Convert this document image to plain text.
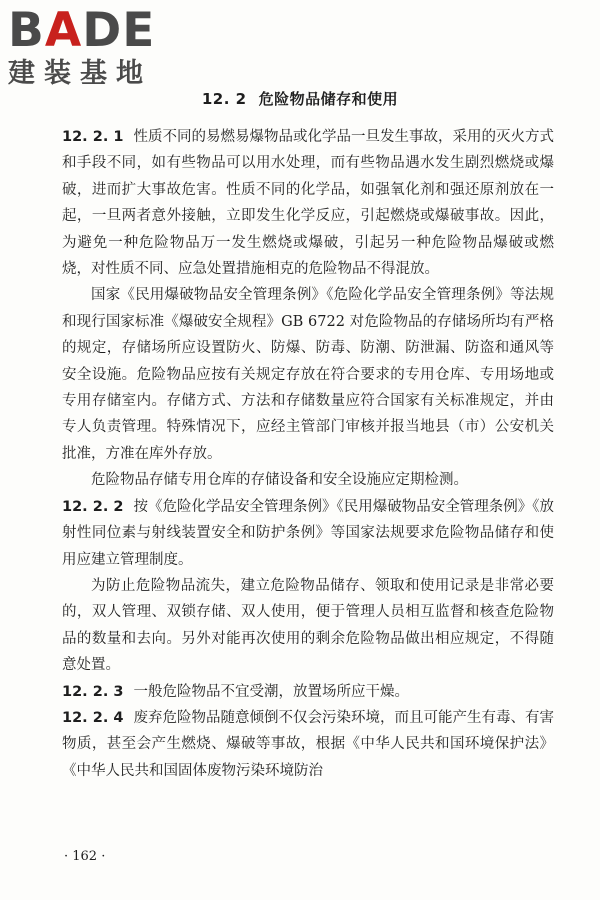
BADE
建装基地
12. 2 危险物品储存和使用

12. 2. 1 性质不同的易燃易爆物品或化学品一旦发生事故，采用的灭火方式和手段不同，如有些物品可以用水处理，而有些物品遇水发生剧烈燃烧或爆破，进而扩大事故危害。性质不同的化学品，如强氧化剂和强还原剂放在一起，一旦两者意外接触，立即发生化学反应，引起燃烧或爆破事故。因此，为避免一种危险物品万一发生燃烧或爆破，引起另一种危险物品爆破或燃烧，对性质不同、应急处置措施相克的危险物品不得混放。

国家《民用爆破物品安全管理条例》《危险化学品安全管理条例》等法规和现行国家标准《爆破安全规程》GB 6722 对危险物品的存储场所均有严格的规定，存储场所应设置防火、防爆、防毒、防潮、防泄漏、防盗和通风等安全设施。危险物品应按有关规定存放在符合要求的专用仓库、专用场地或专用存储室内。存储方式、方法和存储数量应符合国家有关标准规定，并由专人负责管理。特殊情况下，应经主管部门审核并报当地县（市）公安机关批准，方准在库外存放。

危险物品存储专用仓库的存储设备和安全设施应定期检测。

12. 2. 2 按《危险化学品安全管理条例》《民用爆破物品安全管理条例》《放射性同位素与射线装置安全和防护条例》等国家法规要求危险物品储存和使用应建立管理制度。

为防止危险物品流失，建立危险物品储存、领取和使用记录是非常必要的，双人管理、双锁存储、双人使用，便于管理人员相互监督和核查危险物品的数量和去向。另外对能再次使用的剩余危险物品做出相应规定，不得随意处置。

12. 2. 3 一般危险物品不宜受潮，放置场所应干燥。

12. 2. 4 废弃危险物品随意倾倒不仅会污染环境，而且可能产生有毒、有害物质，甚至会产生燃烧、爆破等事故，根据《中华人民共和国环境保护法》《中华人民共和国固体废物污染环境防治

· 162 ·
